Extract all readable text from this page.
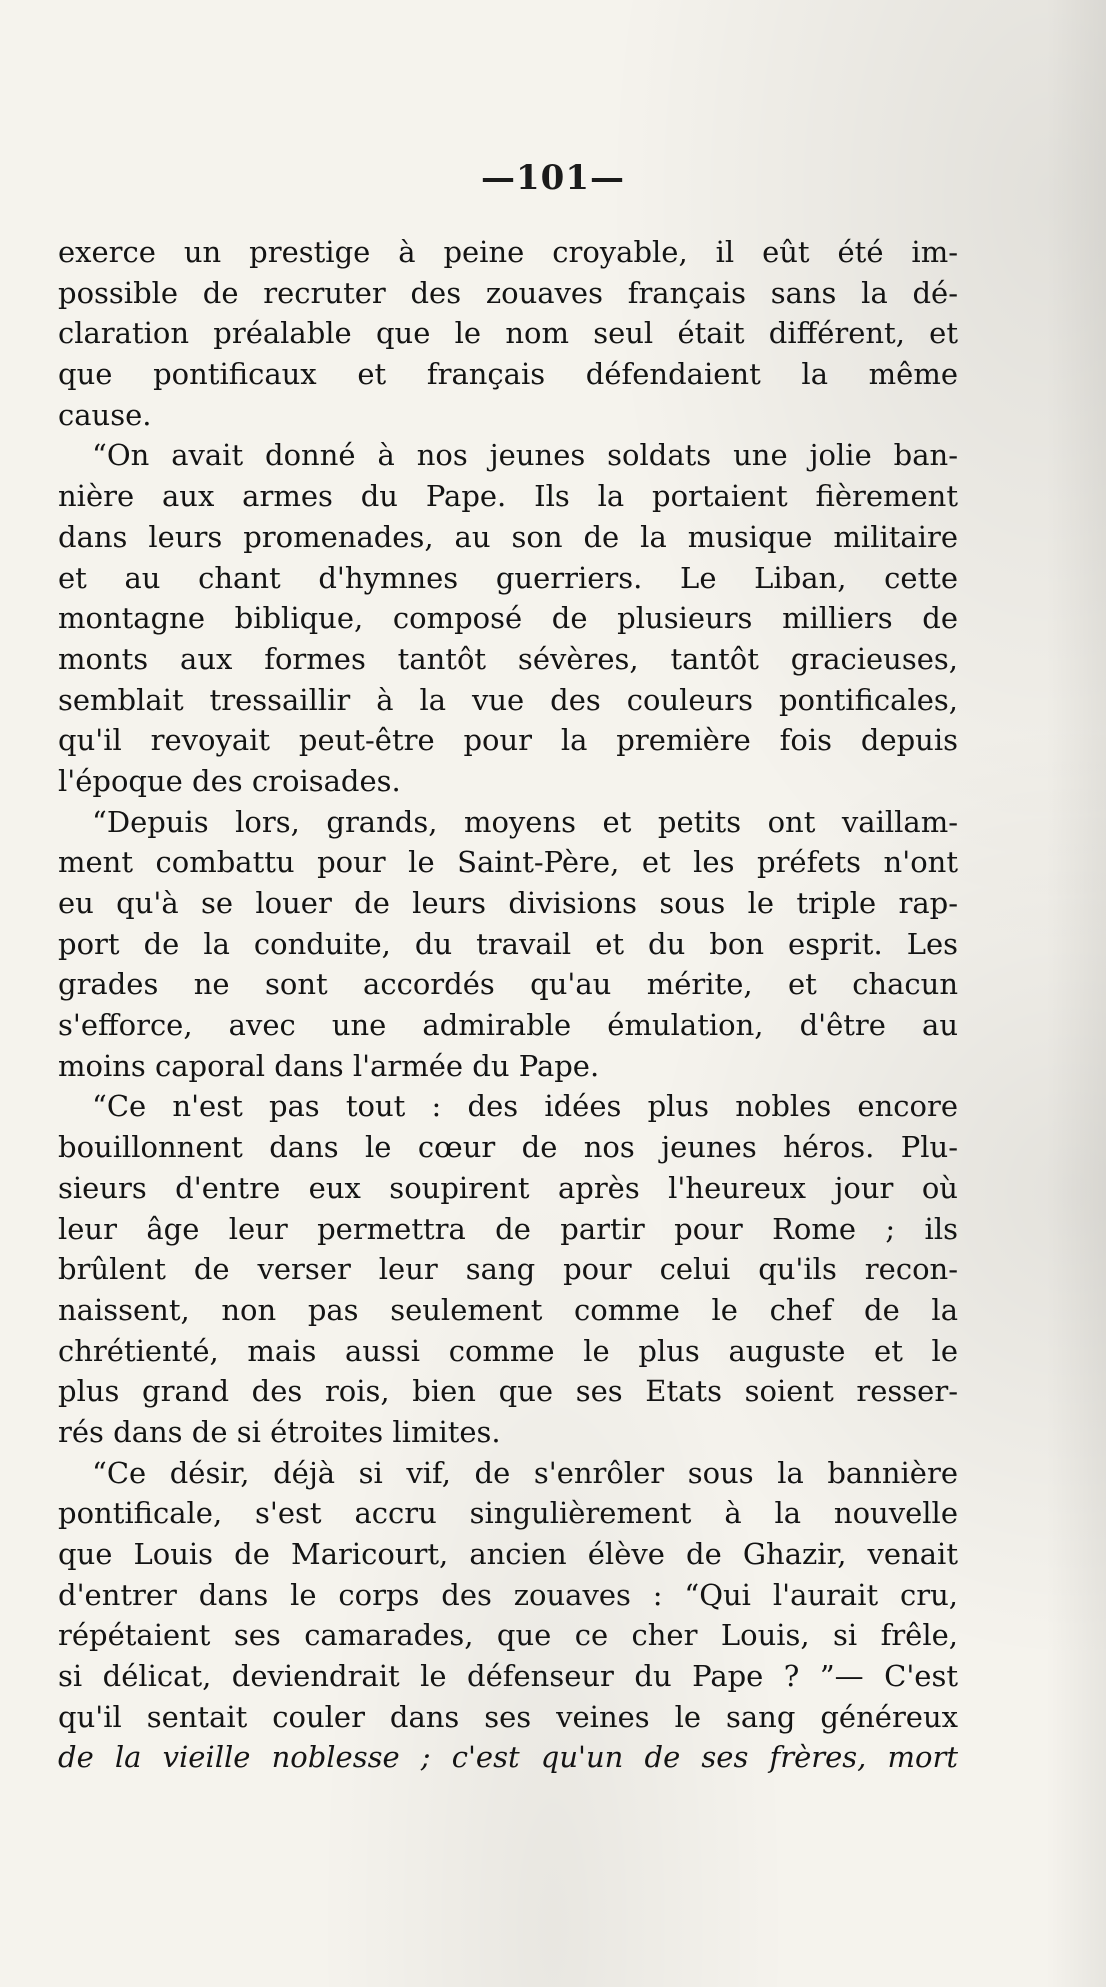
—101—
exerce un prestige à peine croyable, il eût été im-
possible de recruter des zouaves français sans la dé-
claration préalable que le nom seul était différent, et
que pontificaux et français défendaient la même
cause.
“On avait donné à nos jeunes soldats une jolie ban-
nière aux armes du Pape. Ils la portaient fièrement
dans leurs promenades, au son de la musique militaire
et au chant d'hymnes guerriers. Le Liban, cette
montagne biblique, composé de plusieurs milliers de
monts aux formes tantôt sévères, tantôt gracieuses,
semblait tressaillir à la vue des couleurs pontificales,
qu'il revoyait peut-être pour la première fois depuis
l'époque des croisades.
“Depuis lors, grands, moyens et petits ont vaillam-
ment combattu pour le Saint-Père, et les préfets n'ont
eu qu'à se louer de leurs divisions sous le triple rap-
port de la conduite, du travail et du bon esprit. Les
grades ne sont accordés qu'au mérite, et chacun
s'efforce, avec une admirable émulation, d'être au
moins caporal dans l'armée du Pape.
“Ce n'est pas tout : des idées plus nobles encore
bouillonnent dans le cœur de nos jeunes héros. Plu-
sieurs d'entre eux soupirent après l'heureux jour où
leur âge leur permettra de partir pour Rome ; ils
brûlent de verser leur sang pour celui qu'ils recon-
naissent, non pas seulement comme le chef de la
chrétienté, mais aussi comme le plus auguste et le
plus grand des rois, bien que ses Etats soient resser-
rés dans de si étroites limites.
“Ce désir, déjà si vif, de s'enrôler sous la bannière
pontificale, s'est accru singulièrement à la nouvelle
que Louis de Maricourt, ancien élève de Ghazir, venait
d'entrer dans le corps des zouaves : “Qui l'aurait cru,
répétaient ses camarades, que ce cher Louis, si frêle,
si délicat, deviendrait le défenseur du Pape ? ”— C'est
qu'il sentait couler dans ses veines le sang généreux
de la vieille noblesse ; c'est qu'un de ses frères, mort
